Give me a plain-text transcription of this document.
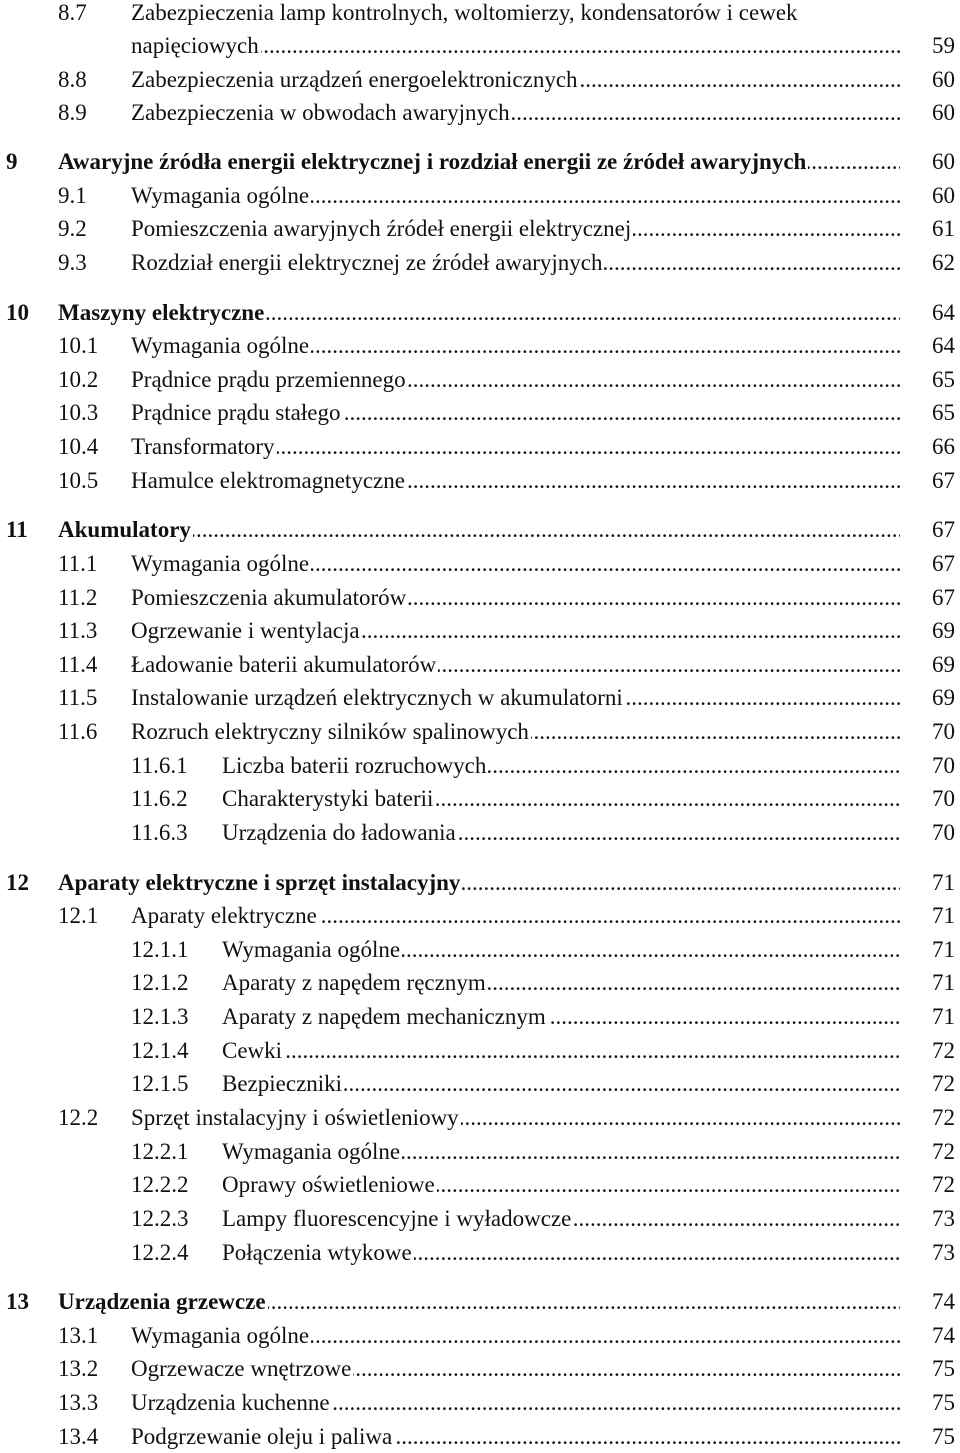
8.7 Zabezpieczenia lamp kontrolnych, woltomierzy, kondensatorów i cewek
napięciowych .....	59
8.8 Zabezpieczenia urządzeń energoelektronicznych .....	60
8.9 Zabezpieczenia w obwodach awaryjnych .....	60
9 Awaryjne źródła energii elektrycznej i rozdział energii ze źródeł awaryjnych .....	60
9.1 Wymagania ogólne .....	60
9.2 Pomieszczenia awaryjnych źródeł energii elektrycznej .....	61
9.3 Rozdział energii elektrycznej ze źródeł awaryjnych .....	62
10 Maszyny elektryczne .....	64
10.1 Wymagania ogólne .....	64
10.2 Prądnice prądu przemiennego .....	65
10.3 Prądnice prądu stałego .....	65
10.4 Transformatory .....	66
10.5 Hamulce elektromagnetyczne .....	67
11 Akumulatory .....	67
11.1 Wymagania ogólne .....	67
11.2 Pomieszczenia akumulatorów .....	67
11.3 Ogrzewanie i wentylacja .....	69
11.4 Ładowanie baterii akumulatorów .....	69
11.5 Instalowanie urządzeń elektrycznych w akumulatorni .....	69
11.6 Rozruch elektryczny silników spalinowych .....	70
11.6.1 Liczba baterii rozruchowych .....	70
11.6.2 Charakterystyki baterii .....	70
11.6.3 Urządzenia do ładowania .....	70
12 Aparaty elektryczne i sprzęt instalacyjny .....	71
12.1 Aparaty elektryczne .....	71
12.1.1 Wymagania ogólne .....	71
12.1.2 Aparaty z napędem ręcznym .....	71
12.1.3 Aparaty z napędem mechanicznym .....	71
12.1.4 Cewki .....	72
12.1.5 Bezpieczniki .....	72
12.2 Sprzęt instalacyjny i oświetleniowy .....	72
12.2.1 Wymagania ogólne .....	72
12.2.2 Oprawy oświetleniowe .....	72
12.2.3 Lampy fluorescencyjne i wyładowcze .....	73
12.2.4 Połączenia wtykowe .....	73
13 Urządzenia grzewcze .....	74
13.1 Wymagania ogólne .....	74
13.2 Ogrzewacze wnętrzowe .....	75
13.3 Urządzenia kuchenne .....	75
13.4 Podgrzewanie oleju i paliwa .....	75
